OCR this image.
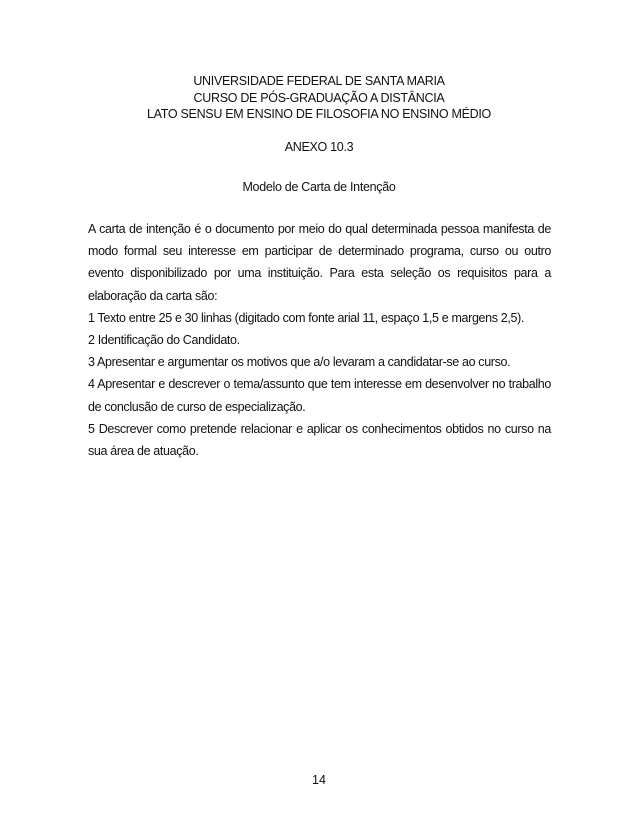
UNIVERSIDADE FEDERAL DE SANTA MARIA
CURSO DE PÓS-GRADUAÇÃO A DISTÂNCIA
LATO SENSU EM ENSINO DE FILOSOFIA NO ENSINO MÉDIO
ANEXO 10.3
Modelo de Carta de Intenção

A carta de intenção é o documento por meio do qual determinada pessoa manifesta de modo formal seu interesse em participar de determinado programa, curso ou outro evento disponibilizado por uma instituição. Para esta seleção os requisitos para a elaboração da carta são:

1 Texto entre 25 e 30 linhas (digitado com fonte arial 11, espaço 1,5 e margens 2,5).

2 Identificação do Candidato.

3 Apresentar e argumentar os motivos que a/o levaram a candidatar-se ao curso.

4 Apresentar e descrever o tema/assunto que tem interesse em desenvolver no trabalho de conclusão de curso de especialização.

5 Descrever como pretende relacionar e aplicar os conhecimentos obtidos no curso na sua área de atuação.

14
